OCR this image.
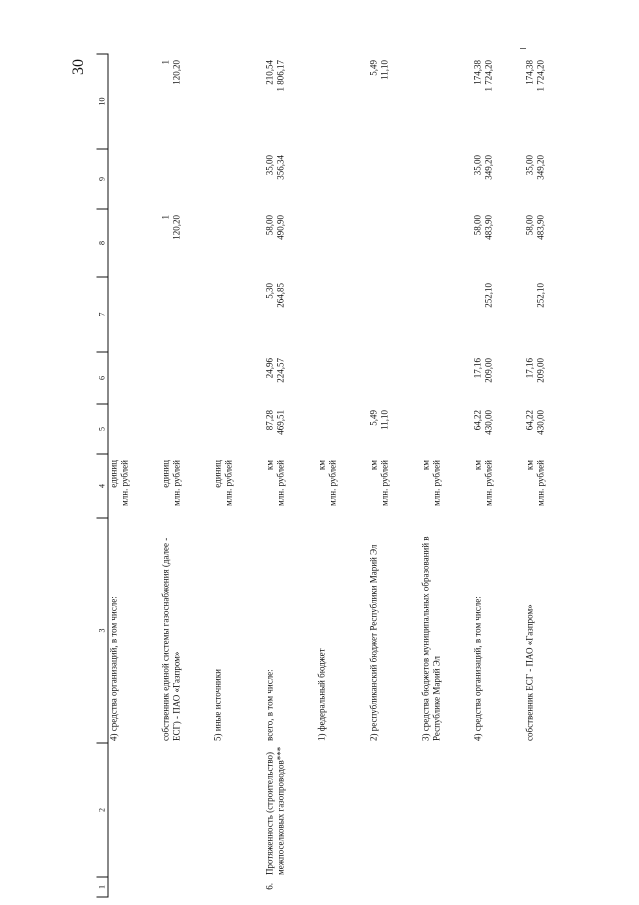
30
1	2	3	4	5	6	7	8	9	10
		4) средства организаций, в том числе:	единиц млн. рублей						

		собственник единой системы газоснабжения (далее - ЕСГ) - ПАО «Газпром»	единиц млн. рублей				1 120,20		1 120,20

		5) иные источники	единиц млн. рублей						

6.	Протяженность (строительство) межпоселковых газопроводов***	всего, в том числе:	км млн. рублей	87,28 469,51	24,96 224,57	5,30 264,85	58,00 490,90	35,00 356,34	210,54 1 806,17

		1) федеральный бюджет	км млн. рублей						

		2) республиканский бюджет Республики Марий Эл	км млн. рублей	5,49 11,10					5,49 11,10

		3) средства бюджетов муниципальных образований в Республике Марий Эл	км млн. рублей						

		4) средства организаций, в том числе:	км млн. рублей	64,22 430,00	17,16 209,00	252,10	58,00 483,90	35,00 349,20	174,38 1 724,20

		собственник ЕСГ - ПАО «Газпром»	км млн. рублей	64,22 430,00	17,16 209,00	252,10	58,00 483,90	35,00 349,20	174,38 1 724,20
